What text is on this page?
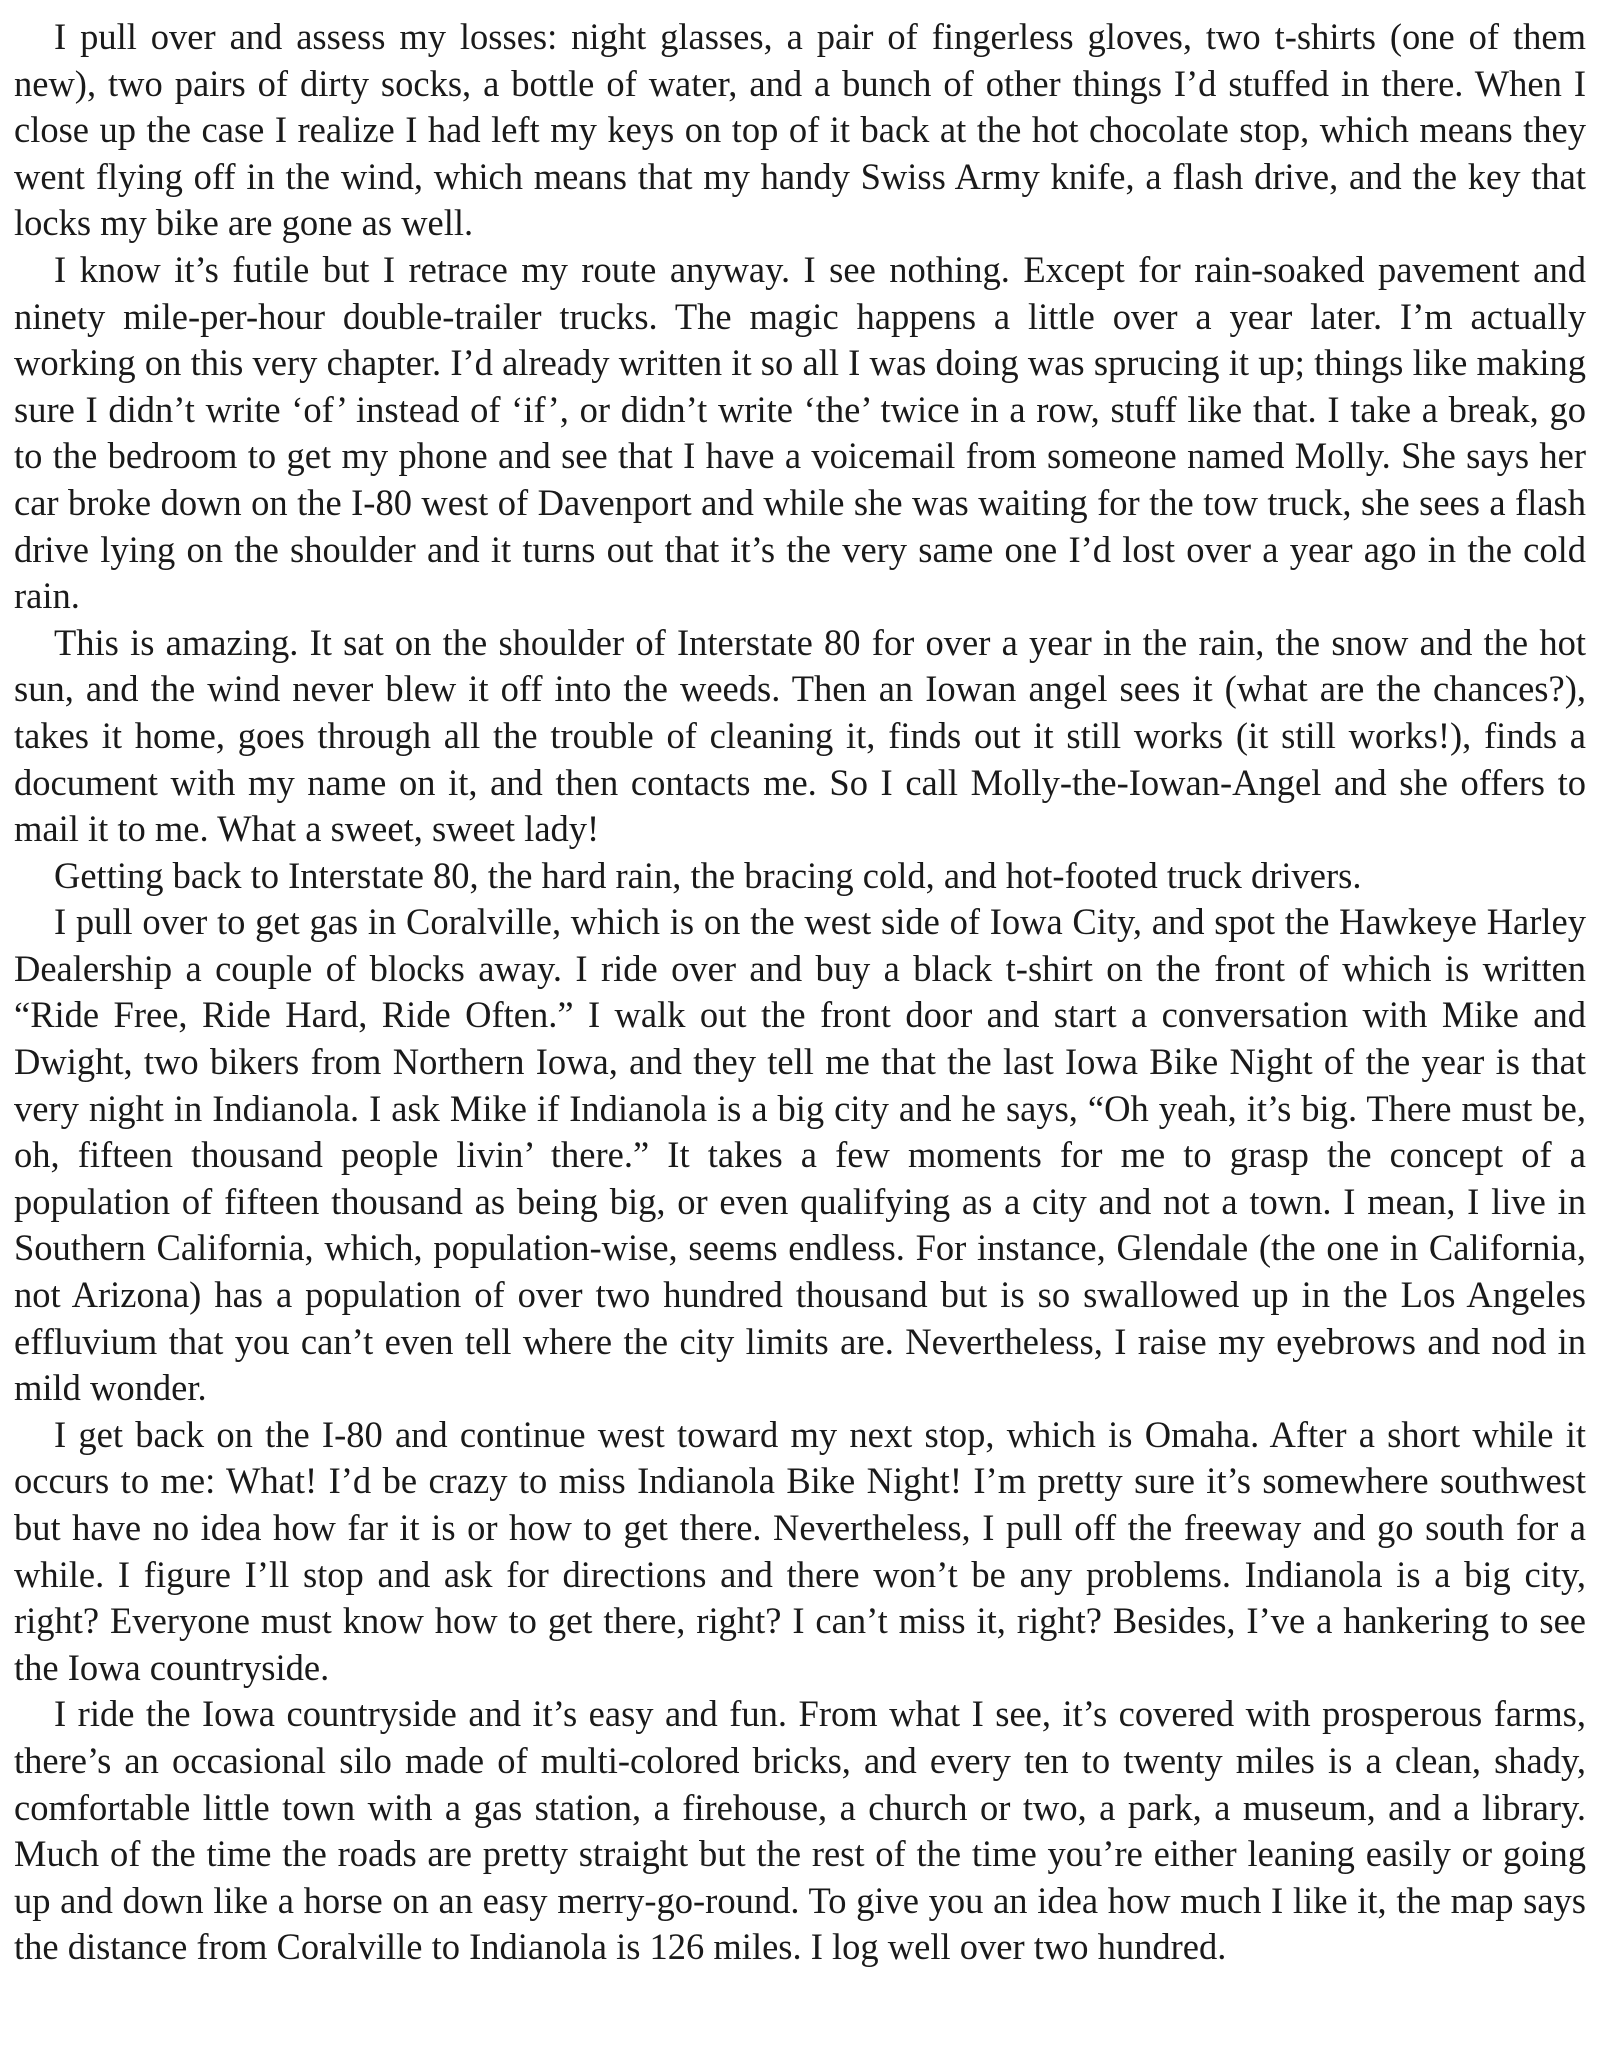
I pull over and assess my losses: night glasses, a pair of fingerless gloves, two t-shirts (one of them new), two pairs of dirty socks, a bottle of water, and a bunch of other things I’d stuffed in there. When I close up the case I realize I had left my keys on top of it back at the hot chocolate stop, which means they went flying off in the wind, which means that my handy Swiss Army knife, a flash drive, and the key that locks my bike are gone as well.

I know it’s futile but I retrace my route anyway. I see nothing. Except for rain-soaked pavement and ninety mile-per-hour double-trailer trucks. The magic happens a little over a year later. I’m actually working on this very chapter. I’d already written it so all I was doing was sprucing it up; things like making sure I didn’t write ‘of’ instead of ‘if’, or didn’t write ‘the’ twice in a row, stuff like that. I take a break, go to the bedroom to get my phone and see that I have a voicemail from someone named Molly. She says her car broke down on the I-80 west of Davenport and while she was waiting for the tow truck, she sees a flash drive lying on the shoulder and it turns out that it’s the very same one I’d lost over a year ago in the cold rain.

This is amazing. It sat on the shoulder of Interstate 80 for over a year in the rain, the snow and the hot sun, and the wind never blew it off into the weeds. Then an Iowan angel sees it (what are the chances?), takes it home, goes through all the trouble of cleaning it, finds out it still works (it still works!), finds a document with my name on it, and then contacts me. So I call Molly-the-Iowan-Angel and she offers to mail it to me. What a sweet, sweet lady!

Getting back to Interstate 80, the hard rain, the bracing cold, and hot-footed truck drivers.

I pull over to get gas in Coralville, which is on the west side of Iowa City, and spot the Hawkeye Harley Dealership a couple of blocks away. I ride over and buy a black t-shirt on the front of which is written “Ride Free, Ride Hard, Ride Often.” I walk out the front door and start a conversation with Mike and Dwight, two bikers from Northern Iowa, and they tell me that the last Iowa Bike Night of the year is that very night in Indianola. I ask Mike if Indianola is a big city and he says, “Oh yeah, it’s big. There must be, oh, fifteen thousand people livin’ there.” It takes a few moments for me to grasp the concept of a population of fifteen thousand as being big, or even qualifying as a city and not a town. I mean, I live in Southern California, which, population-wise, seems endless. For instance, Glendale (the one in California, not Arizona) has a population of over two hundred thousand but is so swallowed up in the Los Angeles effluvium that you can’t even tell where the city limits are. Nevertheless, I raise my eyebrows and nod in mild wonder.

I get back on the I-80 and continue west toward my next stop, which is Omaha. After a short while it occurs to me: What! I’d be crazy to miss Indianola Bike Night! I’m pretty sure it’s somewhere southwest but have no idea how far it is or how to get there. Nevertheless, I pull off the freeway and go south for a while. I figure I’ll stop and ask for directions and there won’t be any problems. Indianola is a big city, right? Everyone must know how to get there, right? I can’t miss it, right? Besides, I’ve a hankering to see the Iowa countryside.

I ride the Iowa countryside and it’s easy and fun. From what I see, it’s covered with prosperous farms, there’s an occasional silo made of multi-colored bricks, and every ten to twenty miles is a clean, shady, comfortable little town with a gas station, a firehouse, a church or two, a park, a museum, and a library. Much of the time the roads are pretty straight but the rest of the time you’re either leaning easily or going up and down like a horse on an easy merry-go-round. To give you an idea how much I like it, the map says the distance from Coralville to Indianola is 126 miles. I log well over two hundred.
